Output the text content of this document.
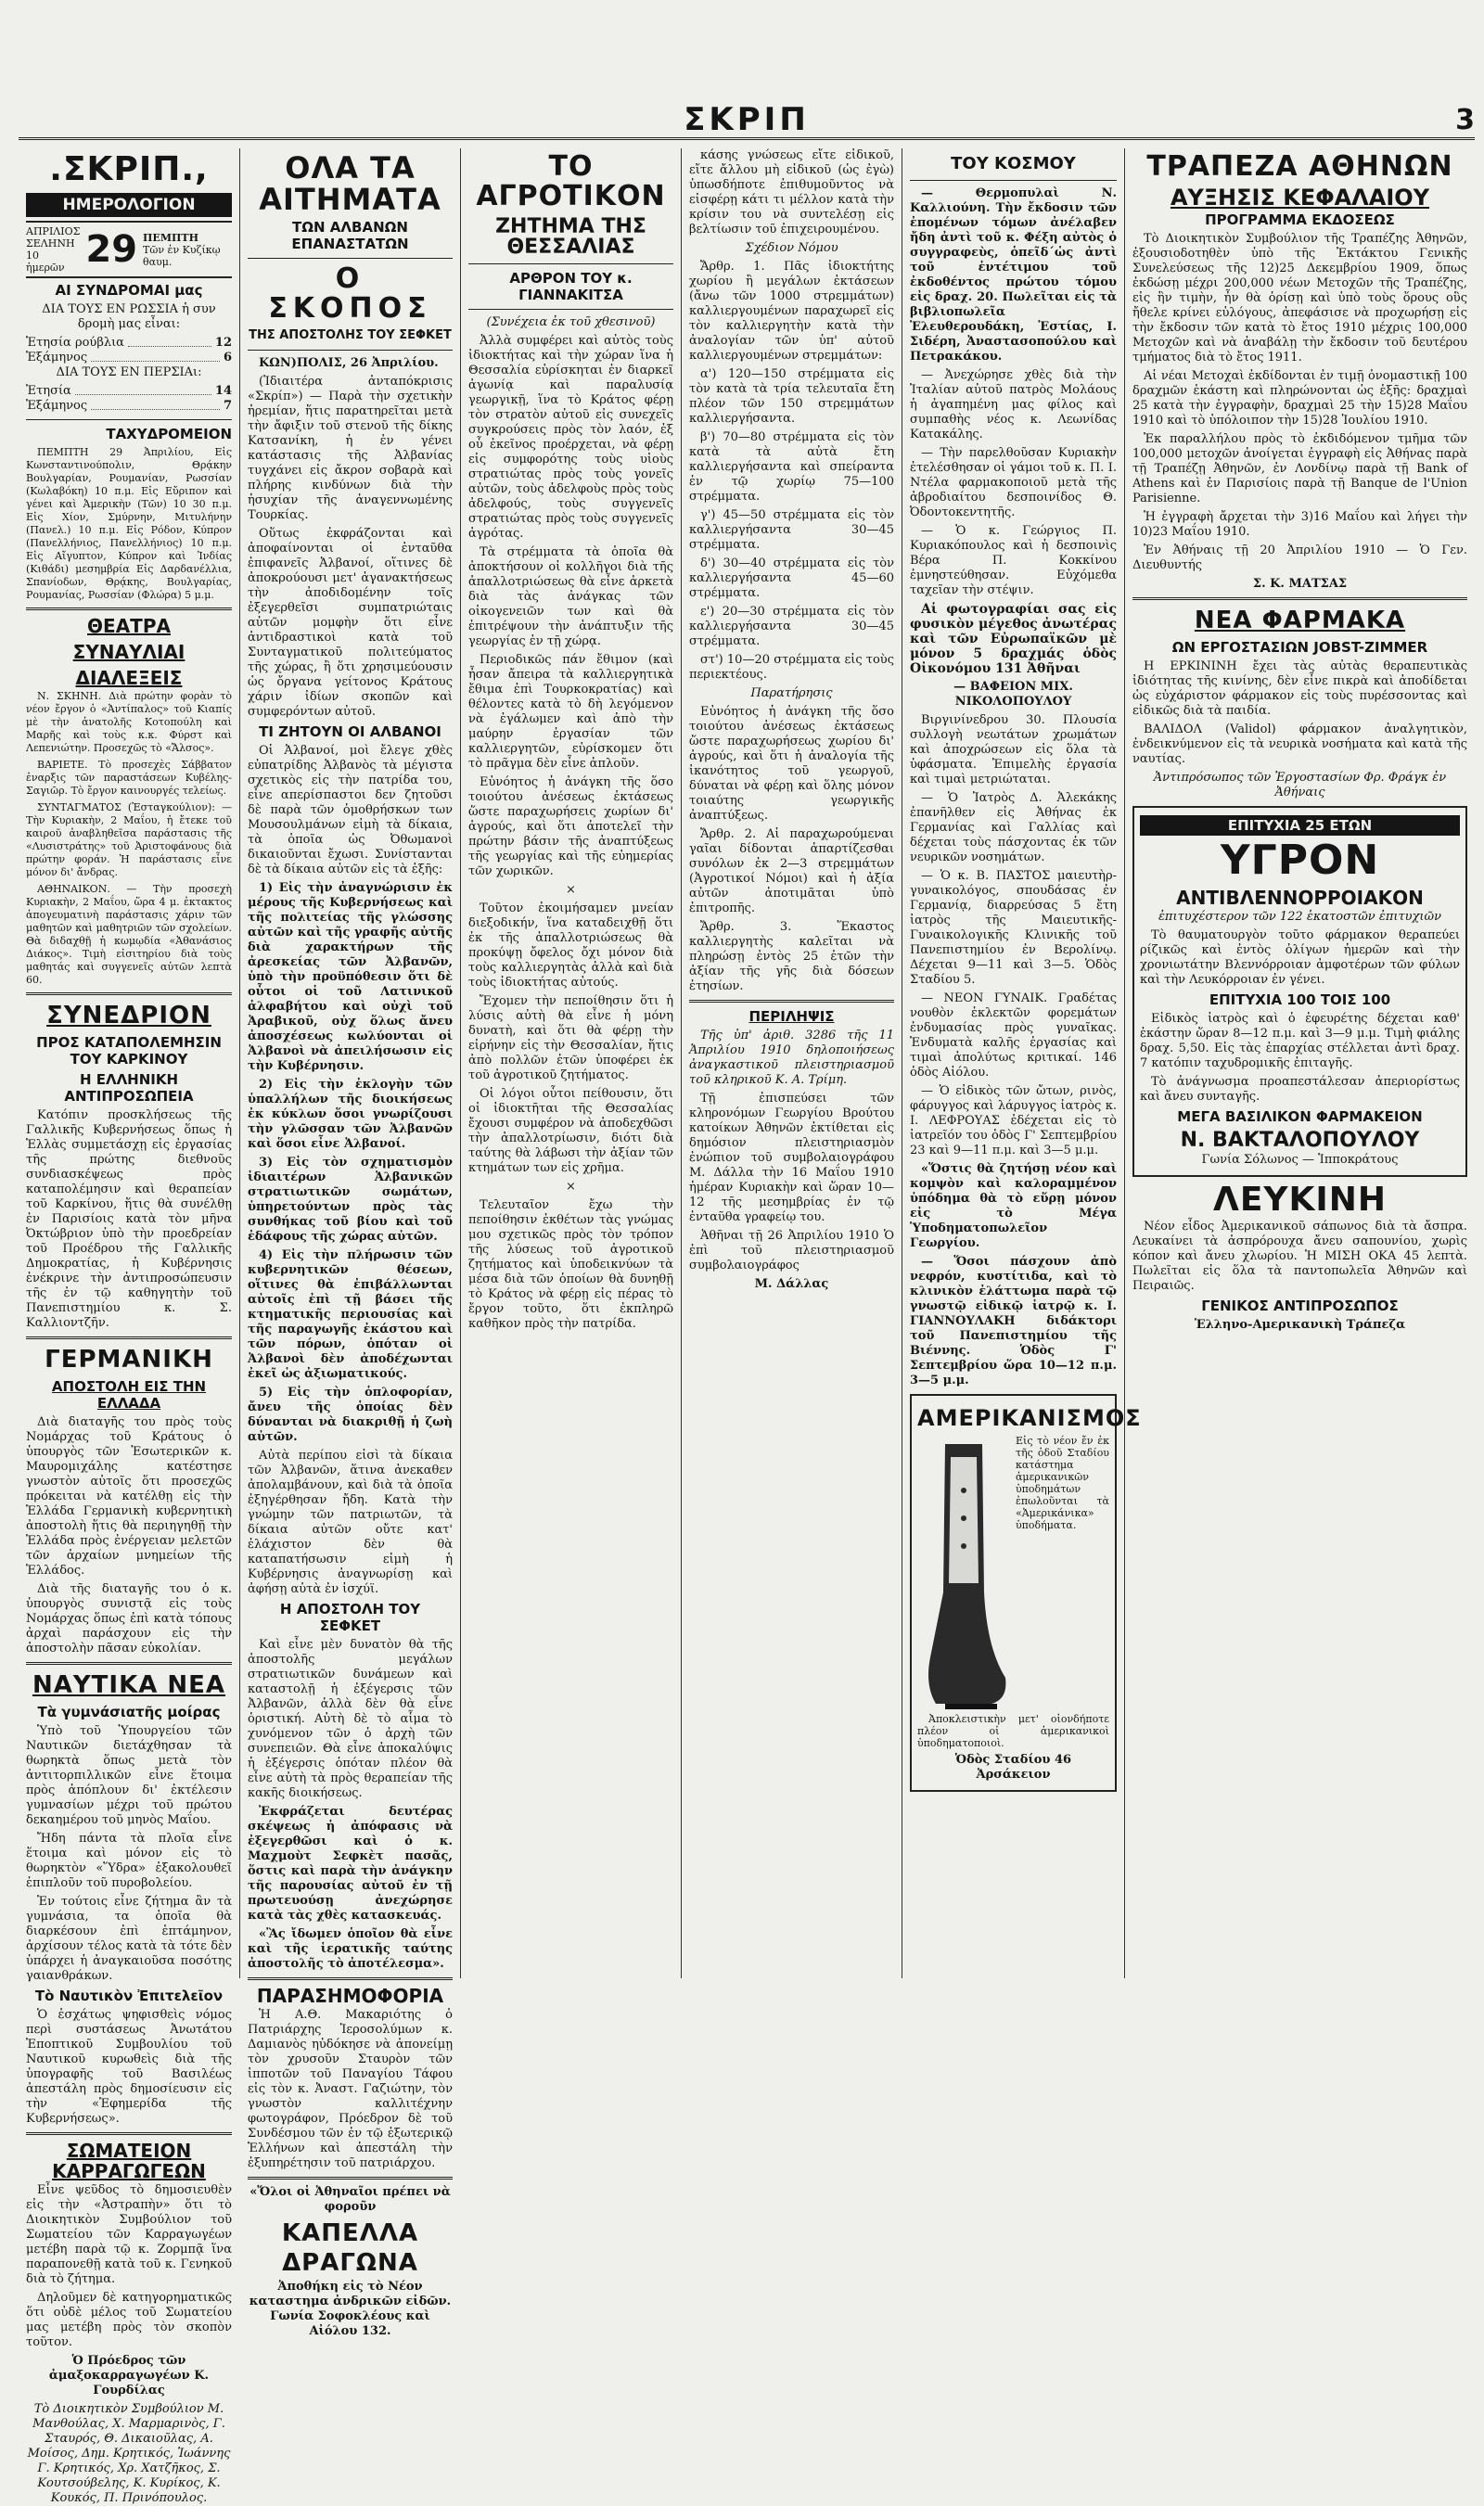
ΣΚΡΙΠ	3
.ΣΚΡΙΠ.,
ΗΜΕΡΟΛΟΓΙΟΝ
ΑΠΡΙΛΙΟΣ
ΣΕΛΗΝΗ
10 ἡμερῶν 29 ΠΕΜΠΤΗ
Τῶν ἐν Κυζίκῳ θαυμ.
ΑΙ ΣΥΝΔΡΟΜΑΙ μας

ΔΙΑ ΤΟΥΣ ΕΝ ΡΩΣΣΙΑ ἡ συν δρομὴ μας εἶναι:

Ἐτησία ρούβλια	12
Ἑξάμηνος	6

ΔΙΑ ΤΟΥΣ ΕΝ ΠΕΡΣΙΑι:

Ἐτησία	14
Ἑξάμηνος	7
ΤΑΧΥΔΡΟΜΕΙΟΝ

ΠΕΜΠΤΗ 29 Ἀπριλίου, Εἰς Κωνσταντινούπολιν, Θρᾴκην Βουλγαρίαν, Ρουμανίαν, Ρωσσίαν (Κωλαβόκη) 10 π.μ. Εἰς Εὔριπον καὶ γένει καὶ Ἀμερικὴν (Τῶν) 10 30 π.μ. Εἰς Χίον, Σμύρνην, Μιτυλήνην (Πανελ.) 10 π.μ. Εἰς Ρόδον, Κύπρον (Πανελλήνιος, Πανελλήνιος) 10 π.μ. Εἰς Αἴγυπτον, Κύπρον καὶ Ἰνδίας (Κιθάδι) μεσημβρία Εἰς Δαρδανέλλια, Σπανίοδων, Θρᾴκης, Βουλγαρίας, Ρουμανίας, Ρωσσίαν (Φλώρα) 5 μ.μ.

ΘΕΑΤΡΑ
ΣΥΝΑΥΛΙΑΙ
ΔΙΑΛΕΞΕΙΣ

Ν. ΣΚΗΝΗ. Διὰ πρώτην φορὰν τὸ νέον ἔργον ὁ «Ἀντίπαλος» τοῦ Κιαπίς μὲ τὴν ἀνατολῆς Κοτοπούλη καὶ Μαρῆς καὶ τοὺς κ.κ. Φύρστ καὶ Λεπενιώτην. Προσεχῶς τὸ «Ἄλσος».

ΒΑΡΙΕΤΕ. Τὸ προσεχὲς Σάββατον ἐναρξις τῶν παραστάσεων Κυβέλης-Σαγιῶρ. Τὸ ἔργον καινουργές τελείως.

ΣΥΝΤΑΓΜΑΤΟΣ (Ἐσταγκούλιον): —Τὴν Κυριακὴν, 2 Μαΐου, ἡ ἔτεκε τοῦ καιροῦ ἀναβληθεῖσα παράστασις τῆς «Λυσιστράτης» τοῦ Ἀριστοφάνους διὰ πρώτην φοράν. Ἡ παράστασις εἶνε μόνον δι' ἄνδρας.

ΑΘΗΝΑΙΚΟΝ. — Τὴν προσεχὴ Κυριακὴν, 2 Μαΐου, ὥρα 4 μ. ἐκτακτος ἀπογευματινὴ παράστασις χάριν τῶν μαθητῶν καὶ μαθητριῶν τῶν σχολείων. Θὰ διδαχθῇ ἡ κωμῳδία «Ἀθανάσιος Διάκος». Τιμὴ εἰσιτηρίου διὰ τοὺς μαθητάς καὶ συγγενεῖς αὐτῶν λεπτὰ 60.

ΣΥΝΕΔΡΙΟΝ
ΠΡΟΣ ΚΑΤΑΠΟΛΕΜΗΣΙΝ ΤΟΥ ΚΑΡΚΙΝΟΥ
Η ΕΛΛΗΝΙΚΗ ΑΝΤΙΠΡΟΣΩΠΕΙΑ

Κατόπιν προσκλήσεως τῆς Γαλλικῆς Κυβερνήσεως ὅπως ἡ Ἑλλὰς συμμετάσχῃ εἰς ἐργασίας τῆς πρώτης διεθνοῦς συνδιασκέψεως πρὸς καταπολέμησιν καὶ θεραπείαν τοῦ Καρκίνου, ἥτις θὰ συνέλθῃ ἐν Παρισίοις κατὰ τὸν μῆνα Ὀκτώβριον ὑπὸ τὴν προεδρείαν τοῦ Προέδρου τῆς Γαλλικῆς Δημοκρατίας, ἡ Κυβέρνησις ἐνέκρινε τὴν ἀντιπροσώπευσιν τῆς ἐν τῷ καθηγητὴν τοῦ Πανεπιστημίου κ. Σ. Καλλιοντζῆν.

ΓΕΡΜΑΝΙΚΗ
ΑΠΟΣΤΟΛΗ ΕΙΣ ΤΗΝ ΕΛΛΑΔΑ

Διὰ διαταγῆς του πρὸς τοὺς Νομάρχας τοῦ Κράτους ὁ ὑπουργὸς τῶν Ἐσωτερικῶν κ. Μαυρομιχάλης κατέστησε γνωστὸν αὐτοῖς ὅτι προσεχῶς πρόκειται νὰ κατέλθῃ εἰς τὴν Ἑλλάδα Γερμανικὴ κυβερνητικὴ ἀποστολὴ ἥτις θὰ περιηγηθῇ τὴν Ἑλλάδα πρὸς ἐνέργειαν μελετῶν τῶν ἀρχαίων μνημείων τῆς Ἑλλάδος.

Διὰ τῆς διαταγῆς του ὁ κ. ὑπουργὸς συνιστᾷ εἰς τοὺς Νομάρχας ὅπως ἐπὶ κατὰ τόπους ἀρχαὶ παράσχουν εἰς τὴν ἀποστολὴν πᾶσαν εὐκολίαν.

ΝΑΥΤΙΚΑ ΝΕΑ
Τὰ γυμνάσιατῆς μοίρας

Ὑπὸ τοῦ Ὑπουργείου τῶν Ναυτικῶν διετάχθησαν τὰ θωρηκτὰ ὅπως μετὰ τὸν ἀντιτορπιλλικῶν εἶνε ἕτοιμα πρὸς ἀπόπλουν δι' ἐκτέλεσιν γυμνασίων μέχρι τοῦ πρώτου δεκαημέρου τοῦ μηνὸς Μαΐου.

Ἤδη πάντα τὰ πλοῖα εἶνε ἕτοιμα καὶ μόνον εἰς τὸ θωρηκτὸν «Ὕδρα» ἐξακολουθεῖ ἐπιπλοῦν τοῦ πυροβολείου.

Ἐν τούτοις εἶνε ζήτημα ἂν τὰ γυμνάσια, τα ὁποῖα θὰ διαρκέσουν ἐπὶ ἑπτάμηνον, ἀρχίσουν τέλος κατὰ τὰ τότε δὲν ὑπάρχει ἡ ἀναγκαιοῦσα ποσότης γαιανθράκων.

Τὸ Ναυτικὸν Ἐπιτελεῖον

Ὁ ἐσχάτως ψηφισθεὶς νόμος περὶ συστάσεως Ἀνωτάτου Ἐποπτικοῦ Συμβουλίου τοῦ Ναυτικοῦ κυρωθεὶς διὰ τῆς ὑπογραφῆς τοῦ Βασιλέως ἀπεστάλη πρὸς δημοσίευσιν εἰς τὴν «Ἐφημερίδα τῆς Κυβερνήσεως».

ΣΩΜΑΤΕΙΟΝ ΚΑΡΡΑΓΩΓΕΩΝ

Εἶνε ψεῦδος τὸ δημοσιευθὲν εἰς τὴν «Ἀστραπὴν» ὅτι τὸ Διοικητικὸν Συμβούλιον τοῦ Σωματείου τῶν Καρραγωγέων μετέβη παρὰ τῷ κ. Ζορμπᾷ ἵνα παραπονεθῇ κατὰ τοῦ κ. Γενηκοῦ διὰ τὸ ζήτημα.

Δηλοῦμεν δὲ κατηγορηματικῶς ὅτι οὐδὲ μέλος τοῦ Σωματείου μας μετέβη πρὸς τὸν σκοπὸν τοῦτον.

Ὁ Πρόεδρος τῶν ἀμαξοκαρραγωγέων Κ. Γουρδίλας

Τὸ Διοικητικὸν Συμβούλιον Μ. Μανθούλας, Χ. Μαρμαρινὸς, Γ. Σταυρός, Θ. Δικαιοῦλας, Α. Μοίσος, Δημ. Κρητικός, Ἰωάννης Γ. Κρητικός, Χρ. Χατζῆκος, Σ. Κουτσούβελης, Κ. Κυρίκος, Κ. Κουκός, Π. Πρινόπουλος.

ΟΛΑ ΤΑ ΑΙΤΗΜΑΤΑ
ΤΩΝ ΑΛΒΑΝΩΝ ΕΠΑΝΑΣΤΑΤΩΝ
Ο ΣΚΟΠΟΣ
ΤΗΣ ΑΠΟΣΤΟΛΗΣ ΤΟΥ ΣΕΦΚΕΤ

ΚΩΝ)ΠΟΛΙΣ, 26 Ἀπριλίου.

(Ἰδιαιτέρα ἀνταπόκρισις «Σκρίπ») — Παρὰ τὴν σχετικὴν ἠρεμίαν, ἥτις παρατηρεῖται μετὰ τὴν ἄφιξιν τοῦ στενοῦ τῆς δίκης Κατσανίκη, ἡ ἐν γένει κατάστασις τῆς Ἀλβανίας τυγχάνει εἰς ἄκρον σοβαρὰ καὶ πλήρης κινδύνων διὰ τὴν ἡσυχίαν τῆς ἀναγεννωμένης Τουρκίας.

Οὕτως ἐκφράζονται καὶ ἀποφαίνονται οἱ ἐνταῦθα ἐπιφανεῖς Ἀλβανοί, οἵτινες δὲ ἀποκρούουσι μετ' ἀγανακτήσεως τὴν ἀποδιδομένην τοῖς ἐξεγερθεῖσι συμπατριώταις αὐτῶν μομφὴν ὅτι εἶνε ἀντιδραστικοὶ κατὰ τοῦ Συνταγματικοῦ πολιτεύματος τῆς χώρας, ἢ ὅτι χρησιμεύουσιν ὡς ὄργανα γείτονος Κράτους χάριν ἰδίων σκοπῶν καὶ συμφερόντων αὐτοῦ.

ΤΙ ΖΗΤΟΥΝ ΟΙ ΑΛΒΑΝΟΙ

Οἱ Ἀλβανοί, μοὶ ἔλεγε χθὲς εὐπατρίδης Ἀλβανὸς τὰ μέγιστα σχετικὸς εἰς τὴν πατρίδα του, εἶνε απερίσπαστοι δεν ζητοῦσι δὲ παρὰ τῶν ὁμοθρήσκων των Μουσουλμάνων εἰμὴ τὰ δίκαια, τὰ ὁποῖα ὡς Ὀθωμανοὶ δικαιοῦνται ἔχωσι. Συνίστανται δὲ τὰ δίκαια αὐτῶν εἰς τὰ ἐξῆς:

1) Εἰς τὴν ἀναγνώρισιν ἐκ μέρους τῆς Κυβερνήσεως καὶ τῆς πολιτείας τῆς γλώσσης αὐτῶν καὶ τῆς γραφῆς αὐτῆς διὰ χαρακτήρων τῆς ἀρεσκείας τῶν Ἀλβανῶν, ὑπὸ τὴν προϋπόθεσιν ὅτι δὲ οὗτοι οἱ τοῦ Λατινικοῦ ἀλφαβήτου καὶ οὐχὶ τοῦ Ἀραβικοῦ, οὐχ ὅλως ἄνευ ἀποσχέσεως κωλύονται οἱ Ἀλβανοὶ νὰ ἀπειλήσωσιν εἰς τὴν Κυβέρνησιν.

2) Εἰς τὴν ἐκλογὴν τῶν ὑπαλλήλων τῆς διοικήσεως ἐκ κύκλων ὅσοι γνωρίζουσι τὴν γλῶσσαν τῶν Ἀλβανῶν καὶ ὅσοι εἶνε Ἀλβανοί.

3) Εἰς τὸν σχηματισμὸν ἰδιαιτέρων Ἀλβανικῶν στρατιωτικῶν σωμάτων, ὑπηρετούντων πρὸς τὰς συνθήκας τοῦ βίου καὶ τοῦ ἐδάφους τῆς χώρας αὐτῶν.

4) Εἰς τὴν πλήρωσιν τῶν κυβερνητικῶν θέσεων, οἵτινες θὰ ἐπιβάλλωνται αὐτοῖς ἐπὶ τῇ βάσει τῆς κτηματικῆς περιουσίας καὶ τῆς παραγωγῆς ἐκάστου καὶ τῶν πόρων, ὁπόταν οἱ Ἀλβανοὶ δὲν ἀποδέχωνται ἐκεῖ ὡς ἀξιωματικούς.

5) Εἰς τὴν ὁπλοφορίαν, ἄνευ τῆς ὁποίας δὲν δύνανται νὰ διακριθῇ ἡ ζωὴ αὐτῶν.

Αὐτὰ περίπου εἰσὶ τὰ δίκαια τῶν Ἀλβανῶν, ἅτινα ἀνεκαθεν ἀπολαμβάνουν, καὶ διὰ τὰ ὁποῖα ἐξηγέρθησαν ἤδη. Κατὰ τὴν γνώμην τῶν πατριωτῶν, τὰ δίκαια αὐτῶν οὔτε κατ' ἐλάχιστον δὲν θὰ καταπατήσωσιν εἰμὴ ἡ Κυβέρνησις ἀναγνωρίσῃ καὶ ἀφήσῃ αὐτὰ ἐν ἰσχύϊ.

Η ΑΠΟΣΤΟΛΗ ΤΟΥ ΣΕΦΚΕΤ

Καὶ εἶνε μὲν δυνατὸν θὰ τῆς ἀποστολῆς μεγάλων στρατιωτικῶν δυνάμεων καὶ καταστολῇ ἡ ἐξέγερσις τῶν Ἀλβανῶν, ἀλλὰ δὲν θὰ εἶνε ὁριστική. Αὐτὴ δὲ τὸ αἷμα τὸ χυνόμενον τῶν ὁ ἀρχὴ τῶν συνεπειῶν. Θὰ εἶνε ἀποκαλύψις ἡ ἐξέγερσις ὁπόταν πλέον θὰ εἶνε αὐτὴ τὰ πρὸς θεραπείαν τῆς κακῆς διοικήσεως.

Ἐκφράζεται δευτέρας σκέψεως ἡ ἀπόφασις νὰ ἐξεγερθῶσι καὶ ὁ κ. Μαχμοὺτ Σεφκὲτ πασᾶς, ὅστις καὶ παρὰ τὴν ἀνάγκην τῆς παρουσίας αὐτοῦ ἐν τῇ πρωτευούσῃ ἀνεχώρησε κατὰ τὰς χθὲς κατασκευάς.

«Ἂς ἴδωμεν ὁποῖον θὰ εἶνε καὶ τῆς ἱερατικῆς ταύτης ἀποστολῆς τὸ ἀποτέλεσμα».

ΠΑΡΑΣΗΜΟΦΟΡΙΑ

Ἡ Α.Θ. Μακαριότης ὁ Πατριάρχης Ἱεροσολύμων κ. Δαμιανὸς ηὐδόκησε νὰ ἀπονείμῃ τὸν χρυσοῦν Σταυρὸν τῶν ἱπποτῶν τοῦ Παναγίου Τάφου εἰς τὸν κ. Ἀναστ. Γαζιώτην, τὸν γνωστὸν καλλιτέχνην φωτογράφον, Πρόεδρον δὲ τοῦ Συνδέσμου τῶν ἐν τῷ ἐξωτερικῷ Ἑλλήνων καὶ ἀπεστάλη τὴν ἐξυπηρέτησιν τοῦ πατριάρχου.

«Ὅλοι οἱ Ἀθηναῖοι πρέπει νὰ φοροῦν

ΚΑΠΕΛΛΑ ΔΡΑΓΩΝΑ

Ἀποθήκη εἰς τὸ Νέον καταστημα ἀνδρικῶν εἰδῶν. Γωνία Σοφοκλέους καὶ Αἰόλου 132.

ΤΟ ΑΓΡΟΤΙΚΟΝ
ΖΗΤΗΜΑ ΤΗΣ ΘΕΣΣΑΛΙΑΣ
ΑΡΘΡΟΝ ΤΟΥ κ. ΓΙΑΝΝΑΚΙΤΣΑ

(Συνέχεια ἐκ τοῦ χθεσινοῦ)

Ἀλλὰ συμφέρει καὶ αὐτὸς τοὺς ἰδιοκτήτας καὶ τὴν χώραν ἵνα ἡ Θεσσαλία εὑρίσκηται ἐν διαρκεῖ ἀγωνίᾳ καὶ παραλυσίᾳ γεωργικῇ, ἵνα τὸ Κράτος φέρῃ τὸν στρατὸν αὐτοῦ εἰς συνεχεῖς συγκρούσεις πρὸς τὸν λαόν, ἐξ οὗ ἐκεῖνος προέρχεται, νὰ φέρῃ εἰς συμφορότης τοὺς υἱοὺς στρατιώτας πρὸς τοὺς γονεῖς αὐτῶν, τοὺς ἀδελφοὺς πρὸς τοὺς ἀδελφούς, τοὺς συγγενεῖς στρατιώτας πρὸς τοὺς συγγενεῖς ἀγρότας.

Τὰ στρέμματα τὰ ὁποῖα θὰ ἀποκτήσουν οἱ κολλῆγοι διὰ τῆς ἀπαλλοτριώσεως θὰ εἶνε ἀρκετὰ διὰ τὰς ἀνάγκας τῶν οἰκογενειῶν των καὶ θὰ ἐπιτρέψουν τὴν ἀνάπτυξιν τῆς γεωργίας ἐν τῇ χώρᾳ.

Περιοδικῶς πάν ἔθιμον (καὶ ἦσαν ἄπειρα τὰ καλλιεργητικὰ ἔθιμα ἐπὶ Τουρκοκρατίας) καὶ θέλοντες κατὰ τὸ δὴ λεγόμενον νὰ ἐγάλωμεν καὶ ἀπὸ τὴν μαύρην ἐργασίαν τῶν καλλιεργητῶν, εὑρίσκομεν ὅτι τὸ πρᾶγμα δὲν εἶνε ἀπλοῦν.

Εὐνόητος ἡ ἀνάγκη τῆς ὅσο τοιούτου ἀνέσεως ἐκτάσεως ὥστε παραχωρήσεις χωρίων δι' ἀγρούς, καὶ ὅτι ἀποτελεῖ τὴν πρώτην βάσιν τῆς ἀναπτύξεως τῆς γεωργίας καὶ τῆς εὐημερίας τῶν χωρικῶν.

×

Τοῦτον ἐκοιμήσαμεν μνείαν διεξοδικήν, ἵνα καταδειχθῇ ὅτι ἐκ τῆς ἀπαλλοτριώσεως θὰ προκύψῃ ὄφελος ὄχι μόνον διὰ τοὺς καλλιεργητὰς ἀλλὰ καὶ διὰ τοὺς ἰδιοκτήτας αὐτούς.

Ἔχομεν τὴν πεποίθησιν ὅτι ἡ λύσις αὐτὴ θὰ εἶνε ἡ μόνη δυνατὴ, καὶ ὅτι θὰ φέρῃ τὴν εἰρήνην εἰς τὴν Θεσσαλίαν, ἥτις ἀπὸ πολλῶν ἐτῶν ὑποφέρει ἐκ τοῦ ἀγροτικοῦ ζητήματος.

Οἱ λόγοι οὗτοι πείθουσιν, ὅτι οἱ ἰδιοκτῆται τῆς Θεσσαλίας ἔχουσι συμφέρον νὰ ἀποδεχθῶσι τὴν ἀπαλλοτρίωσιν, διότι διὰ ταύτης θὰ λάβωσι τὴν ἀξίαν τῶν κτημάτων των εἰς χρῆμα.

×

Τελευταῖον ἔχω τὴν πεποίθησιν ἐκθέτων τὰς γνώμας μου σχετικῶς πρὸς τὸν τρόπον τῆς λύσεως τοῦ ἀγροτικοῦ ζητήματος καὶ ὑποδεικνύων τὰ μέσα διὰ τῶν ὁποίων θὰ δυνηθῇ τὸ Κράτος νὰ φέρῃ εἰς πέρας τὸ ἔργον τοῦτο, ὅτι ἐκπληρῶ καθῆκον πρὸς τὴν πατρίδα.

κάσης γνώσεως εἴτε εἰδικοῦ, εἴτε ἄλλου μὴ εἰδικοῦ (ὡς ἐγὼ) ὑπωσδήποτε ἐπιθυμοῦντος νὰ εἰσφέρῃ κάτι τι μέλλον κατὰ τὴν κρίσιν του νὰ συντελέσῃ εἰς βελτίωσιν τοῦ ἐπιχειρουμένου.

Σχέδιον Νόμου

Ἄρθρ. 1. Πᾶς ἰδιοκτήτης χωρίου ἢ μεγάλων ἐκτάσεων (ἄνω τῶν 1000 στρεμμάτων) καλλιεργουμένων παραχωρεῖ εἰς τὸν καλλιεργητὴν κατὰ τὴν ἀναλογίαν τῶν ὑπ' αὐτοῦ καλλιεργουμένων στρεμμάτων:

α') 120—150 στρέμματα εἰς τὸν κατὰ τὰ τρία τελευταῖα ἔτη πλέον τῶν 150 στρεμμάτων καλλιεργήσαντα.

β') 70—80 στρέμματα εἰς τὸν κατὰ τὰ αὐτὰ ἔτη καλλιεργήσαντα καὶ σπείραντα ἐν τῷ χωρίῳ 75—100 στρέμματα.

γ') 45—50 στρέμματα εἰς τὸν καλλιεργήσαντα 30—45 στρέμματα.

δ') 30—40 στρέμματα εἰς τὸν καλλιεργήσαντα 45—60 στρέμματα.

ε') 20—30 στρέμματα εἰς τὸν καλλιεργήσαντα 30—45 στρέμματα.

στ') 10—20 στρέμματα εἰς τοὺς περιεκτέους.

Παρατήρησις

Εὐνόητος ἡ ἀνάγκη τῆς ὅσο τοιούτου ἀνέσεως ἐκτάσεως ὥστε παραχωρήσεως χωρίου δι' ἀγρούς, καὶ ὅτι ἡ ἀναλογία τῆς ἰκανότητος τοῦ γεωργοῦ, δύναται νὰ φέρῃ καὶ ὅλης μόνον τοιαύτης γεωργικῆς ἀναπτύξεως.

Ἄρθρ. 2. Αἱ παραχωρούμεναι γαῖαι δίδονται ἀπαρτίζεσθαι συνόλων ἐκ 2—3 στρεμμάτων (Ἀγροτικοί Νόμοι) καὶ ἡ ἀξία αὐτῶν ἀποτιμᾶται ὑπὸ ἐπιτροπῆς.

Ἄρθρ. 3. Ἕκαστος καλλιεργητὴς καλεῖται νὰ πληρώσῃ ἐντὸς 25 ἐτῶν τὴν ἀξίαν τῆς γῆς διὰ δόσεων ἐτησίων.

ΠΕΡΙΛΗΨΙΣ

Τῆς ὑπ' ἀριθ. 3286 τῆς 11 Ἀπριλίου 1910 δηλοποιήσεως ἀναγκαστικοῦ πλειστηριασμοῦ τοῦ κληρικοῦ Κ. Α. Τρίμη.

Τῇ ἐπισπεύσει τῶν κληρονόμων Γεωργίου Βρούτου κατοίκων Ἀθηνῶν ἐκτίθεται εἰς δημόσιον πλειστηριασμὸν ἐνώπιον τοῦ συμβολαιογράφου Μ. Δάλλα τὴν 16 Μαΐου 1910 ἡμέραν Κυριακὴν καὶ ὥραν 10—12 τῆς μεσημβρίας ἐν τῷ ἐνταῦθα γραφείῳ του.

Ἀθῆναι τῇ 26 Ἀπριλίου 1910 Ὁ ἐπὶ τοῦ πλειστηριασμοῦ συμβολαιογράφος

Μ. Δάλλας

ΤΟΥ ΚΟΣΜΟΥ

— Θερμοπυλαὶ Ν. Καλλιούνη. Τὴν ἔκδοσιν τῶν ἐπομένων τόμων ἀνέλαβεν ἤδη ἀντὶ τοῦ κ. Φέξη αὐτὸς ὁ συγγραφεὺς, ὁπεῖδ΄ὡς ἀντὶ τοῦ ἐντέτιμου τοῦ ἐκδοθέντος πρώτου τόμου εἰς δραχ. 20. Πωλεῖται εἰς τὰ βιβλιοπωλεῖα Ἐλευθερουδάκη, Ἑστίας, Ι. Σιδέρη, Ἀναστασοπούλου καὶ Πετρακάκου.

— Ἀνεχώρησε χθὲς διὰ τὴν Ἰταλίαν αὐτοῦ πατρὸς Μολάους ἡ ἀγαπημένη μας φίλος καὶ συμπαθὴς νέος κ. Λεωνίδας Κατακάλης.

— Τὴν παρελθοῦσαν Κυριακὴν ἐτελέσθησαν οἱ γάμοι τοῦ κ. Π. Ι. Ντέλα φαρμακοποιοῦ μετὰ τῆς ἀβροδιαίτου δεσποινίδος Θ. Ὀδοντοκεντητῆς.

— Ὁ κ. Γεώργιος Π. Κυριακόπουλος καὶ ἡ δεσποινὶς Βέρα Π. Κοκκίνου ἐμνηστεύθησαν. Εὐχόμεθα ταχεῖαν τὴν στέψιν.

Αἱ φωτογραφίαι σας εἰς φυσικὸν μέγεθος ἀνωτέρας καὶ τῶν Εὐρωπαϊκῶν μὲ μόνον 5 δραχμάς ὁδὸς Οἰκονόμου 131 Ἀθῆναι

— ΒΑΦΕΙΟΝ ΜΙΧ. ΝΙΚΟΛΟΠΟΥΛΟΥ

Βιργινίνεδρου 30. Πλουσία συλλογὴ νεωτάτων χρωμάτων καὶ ἀποχρώσεων εἰς ὅλα τὰ ὑφάσματα. Ἐπιμελὴς ἐργασία καὶ τιμαὶ μετριώταται.

— Ὁ Ἰατρὸς Δ. Ἀλεκάκης ἐπανῆλθεν εἰς Ἀθήνας ἐκ Γερμανίας καὶ Γαλλίας καὶ δέχεται τοὺς πάσχοντας ἐκ τῶν νευρικῶν νοσημάτων.

— Ὁ κ. Β. ΠΑΣΤΟΣ μαιευτὴρ-γυναικολόγος, σπουδάσας ἐν Γερμανίᾳ, διαρρεύσας 5 ἔτη ἰατρὸς τῆς Μαιευτικῆς-Γυναικολογικῆς Κλινικῆς τοῦ Πανεπιστημίου ἐν Βερολίνῳ. Δέχεται 9—11 καὶ 3—5. Ὁδὸς Σταδίου 5.

— ΝΕΟΝ ΓΥΝΑΙΚ. Γραδέτας νουθὸν ἐκλεκτῶν φορεμάτων ἐνδυμασίας πρὸς γυναῖκας. Ἐνδυματὰ καλῆς ἐργασίας καὶ τιμαὶ ἀπολύτως κριτικαί. 146 ὁδὸς Αἰόλου.

— Ὁ εἰδικὸς τῶν ὤτων, ρινὸς, φάρυγγος καὶ λάρυγγος ἰατρὸς κ. Ι. ΛΕΦΡΟΥΑΣ ἐδέχεται εἰς τὸ ἰατρεῖόν του ὁδὸς Γ' Σεπτεμβρίου 23 καὶ 9—11 π.μ. καὶ 3—5 μ.μ.

«Ὅστις θὰ ζητήσῃ νέον καὶ κομψὸν καὶ καλοραμμένον ὑπόδημα θὰ τὸ εὕρῃ μόνον εἰς τὸ Μέγα Ὑποδηματοπωλεῖον Γεωργίου.

— Ὅσοι πάσχουν ἀπὸ νεφρόν, κυστίτιδα, καὶ τὸ κλινικὸν ἐλάττωμα παρὰ τῷ γνωστῷ εἰδικῷ ἰατρῷ κ. Ι. ΓΙΑΝΝΟΥΛΑΚΗ διδάκτορι τοῦ Πανεπιστημίου τῆς Βιέννης. Ὁδὸς Γ' Σεπτεμβρίου ὥρα 10—12 π.μ. 3—5 μ.μ.

ΑΜΕΡΙΚΑΝΙΣΜΟΣ

Εἰς τὸ νέον ἔν ἐκ τῆς ὁδοῦ Σταδίου κατάστημα ἀμερικανικῶν ὑποδημάτων ἐπωλοῦνται τὰ «Ἀμερικάνικα» ὑποδήματα.

Ἀποκλειστικὴν μετ' οἰονδήποτε πλέον οἱ ἀμερικανικοὶ ὑποδηματοποιοὶ.

Ὁδὸς Σταδίου 46 Ἀρσάκειον

ΤΡΑΠΕΖΑ ΑΘΗΝΩΝ
ΑΥΞΗΣΙΣ ΚΕΦΑΛΑΙΟΥ
ΠΡΟΓΡΑΜΜΑ ΕΚΔΟΣΕΩΣ

Τὸ Διοικητικὸν Συμβούλιον τῆς Τραπέζης Ἀθηνῶν, ἐξουσιοδοτηθὲν ὑπὸ τῆς Ἐκτάκτου Γενικῆς Συνελεύσεως τῆς 12)25 Δεκεμβρίου 1909, ὅπως ἐκδώσῃ μέχρι 200,000 νέων Μετοχῶν τῆς Τραπέζης, εἰς ἣν τιμὴν, ἦν θὰ ὁρίσῃ καὶ ὑπὸ τοὺς ὅρους οὓς ἤθελε κρίνει εὐλόγους, ἀπεφάσισε νὰ προχωρήσῃ εἰς τὴν ἔκδοσιν τῶν κατὰ τὸ ἔτος 1910 μέχρις 100,000 Μετοχῶν καὶ νὰ ἀναβάλῃ τὴν ἔκδοσιν τοῦ δευτέρου τμήματος διὰ τὸ ἔτος 1911.

Αἱ νέαι Μετοχαὶ ἐκδίδονται ἐν τιμῇ ὀνομαστικῇ 100 δραχμῶν ἑκάστη καὶ πληρώνονται ὡς ἑξῆς: δραχμαὶ 25 κατὰ τὴν ἐγγραφὴν, δραχμαὶ 25 τὴν 15)28 Μαΐου 1910 καὶ τὸ ὑπόλοιπον τὴν 15)28 Ἰουλίου 1910.

Ἐκ παραλλήλου πρὸς τὸ ἐκδιδόμενον τμῆμα τῶν 100,000 μετοχῶν ἀνοίγεται ἐγγραφὴ εἰς Ἀθήνας παρὰ τῇ Τραπέζῃ Ἀθηνῶν, ἐν Λονδίνῳ παρὰ τῇ Bank of Athens καὶ ἐν Παρισίοις παρὰ τῇ Banque de l'Union Parisienne.

Ἡ ἐγγραφὴ ἄρχεται τὴν 3)16 Μαΐου καὶ λήγει τὴν 10)23 Μαΐου 1910.

Ἐν Ἀθήναις τῇ 20 Ἀπριλίου 1910 — Ὁ Γεν. Διευθυντής

Σ. Κ. ΜΑΤΣΑΣ

ΝΕΑ ΦΑΡΜΑΚΑ
ΩΝ ΕΡΓΟΣΤΑΣΙΩΝ JOBST-ZIMMER

Η ΕΡΚΙΝΙΝΗ ἔχει τὰς αὐτὰς θεραπευτικὰς ἰδιότητας τῆς κινίνης, δὲν εἶνε πικρὰ καὶ ἀποδίδεται ὡς εὐχάριστον φάρμακον εἰς τοὺς πυρέσσοντας καὶ εἰδικῶς διὰ τὰ παιδία.

ΒΑΛΙΔΟΛ (Validol) φάρμακον ἀναλγητικὸν, ἐνδεικνύμενον εἰς τὰ νευρικὰ νοσήματα καὶ κατὰ τῆς ναυτίας.

Ἀντιπρόσωπος τῶν Ἐργοστασίων Φρ. Φράγκ ἐν Ἀθήναις

ΕΠΙΤΥΧΙΑ 25 ΕΤΩΝ
ΥΓΡΟΝ
ΑΝΤΙΒΛΕΝΝΟΡΡΟΙΑΚΟΝ

ἐπιτυχέστερον τῶν 122 ἑκατοστῶν ἐπιτυχιῶν

Τὸ θαυματουργὸν τοῦτο φάρμακον θεραπεύει ρίζικῶς καὶ ἐντὸς ὀλίγων ἡμερῶν καὶ τὴν χρονιωτάτην Βλεννόρροιαν ἀμφοτέρων τῶν φύλων καὶ τὴν Λευκόρροιαν ἐν γένει.

ΕΠΙΤΥΧΙΑ 100 ΤΟΙΣ 100

Εἰδικὸς ἰατρὸς καὶ ὁ ἐφευρέτης δέχεται καθ' ἑκάστην ὥραν 8—12 π.μ. καὶ 3—9 μ.μ. Τιμὴ φιάλης δραχ. 5,50. Εἰς τὰς ἐπαρχίας στέλλεται ἀντὶ δραχ. 7 κατόπιν ταχυδρομικῆς ἐπιταγῆς.

Τὸ ἀνάγνωσμα προαπεστάλεσαν ἀπεριορίστως καὶ ἄνευ συνταγῆς.

ΜΕΓΑ ΒΑΣΙΛΙΚΟΝ ΦΑΡΜΑΚΕΙΟΝ
Ν. ΒΑΚΤΑΛΟΠΟΥΛΟΥ

Γωνία Σόλωνος — Ἱπποκράτους

ΛΕΥΚΙΝΗ

Νέον εἶδος Ἀμερικανικοῦ σάπωνος διὰ τὰ ἄσπρα. Λευκαίνει τὰ ἀσπρόρουχα ἄνευ σαπουνίου, χωρὶς κόπον καὶ ἄνευ χλωρίου. Ἡ ΜΙΣΗ ΟΚΑ 45 λεπτὰ. Πωλεῖται εἰς ὅλα τὰ παντοπωλεῖα Ἀθηνῶν καὶ Πειραιῶς.

ΓΕΝΙΚΟΣ ΑΝΤΙΠΡΟΣΩΠΟΣ

Ἑλληνο-Αμερικανικὴ Τράπεζα
